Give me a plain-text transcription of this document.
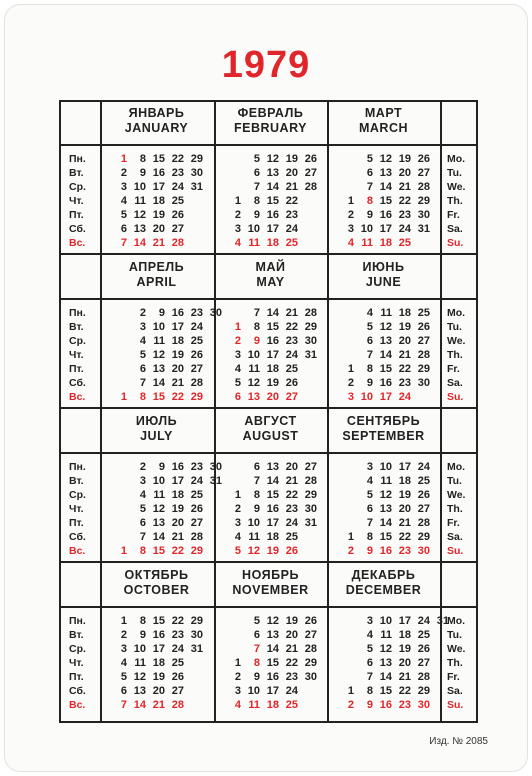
1979
ЯНВАРЬ
JANUARY
1
2
3
4
5
6
7
8
9
10
11
12
13
14
15
16
17
18
19
20
21
22
23
24
25
26
27
28
29
30
31
ФЕВРАЛЬ
FEBRUARY
1
2
3
4
5
6
7
8
9
10
11
12
13
14
15
16
17
18
19
20
21
22
23
24
25
26
27
28
МАРТ
MARCH
1
2
3
4
5
6
7
8
9
10
11
12
13
14
15
16
17
18
19
20
21
22
23
24
25
26
27
28
29
30
31
АПРЕЛЬ
APRIL
1
2
3
4
5
6
7
8
9
10
11
12
13
14
15
16
17
18
19
20
21
22
23
24
25
26
27
28
29
30
МАЙ
MAY
1
2
3
4
5
6
7
8
9
10
11
12
13
14
15
16
17
18
19
20
21
22
23
24
25
26
27
28
29
30
31
ИЮНЬ
JUNE
1
2
3
4
5
6
7
8
9
10
11
12
13
14
15
16
17
18
19
20
21
22
23
24
25
26
27
28
29
30
ИЮЛЬ
JULY
1
2
3
4
5
6
7
8
9
10
11
12
13
14
15
16
17
18
19
20
21
22
23
24
25
26
27
28
29
30
31
АВГУСТ
AUGUST
1
2
3
4
5
6
7
8
9
10
11
12
13
14
15
16
17
18
19
20
21
22
23
24
25
26
27
28
29
30
31
СЕНТЯБРЬ
SEPTEMBER
1
2
3
4
5
6
7
8
9
10
11
12
13
14
15
16
17
18
19
20
21
22
23
24
25
26
27
28
29
30
ОКТЯБРЬ
OCTOBER
1
2
3
4
5
6
7
8
9
10
11
12
13
14
15
16
17
18
19
20
21
22
23
24
25
26
27
28
29
30
31
НОЯБРЬ
NOVEMBER
1
2
3
4
5
6
7
8
9
10
11
12
13
14
15
16
17
18
19
20
21
22
23
24
25
26
27
28
29
30
ДЕКАБРЬ
DECEMBER
1
2
3
4
5
6
7
8
9
10
11
12
13
14
15
16
17
18
19
20
21
22
23
24
25
26
27
28
29
30
31
Пн.
Вт.
Ср.
Чт.
Пт.
Сб.
Вс.
Mo.
Tu.
We.
Th.
Fr.
Sa.
Su.
Пн.
Вт.
Ср.
Чт.
Пт.
Сб.
Вс.
Mo.
Tu.
We.
Th.
Fr.
Sa.
Su.
Пн.
Вт.
Ср.
Чт.
Пт.
Сб.
Вс.
Mo.
Tu.
We.
Th.
Fr.
Sa.
Su.
Пн.
Вт.
Ср.
Чт.
Пт.
Сб.
Вс.
Mo.
Tu.
We.
Th.
Fr.
Sa.
Su.
Изд. № 2085
